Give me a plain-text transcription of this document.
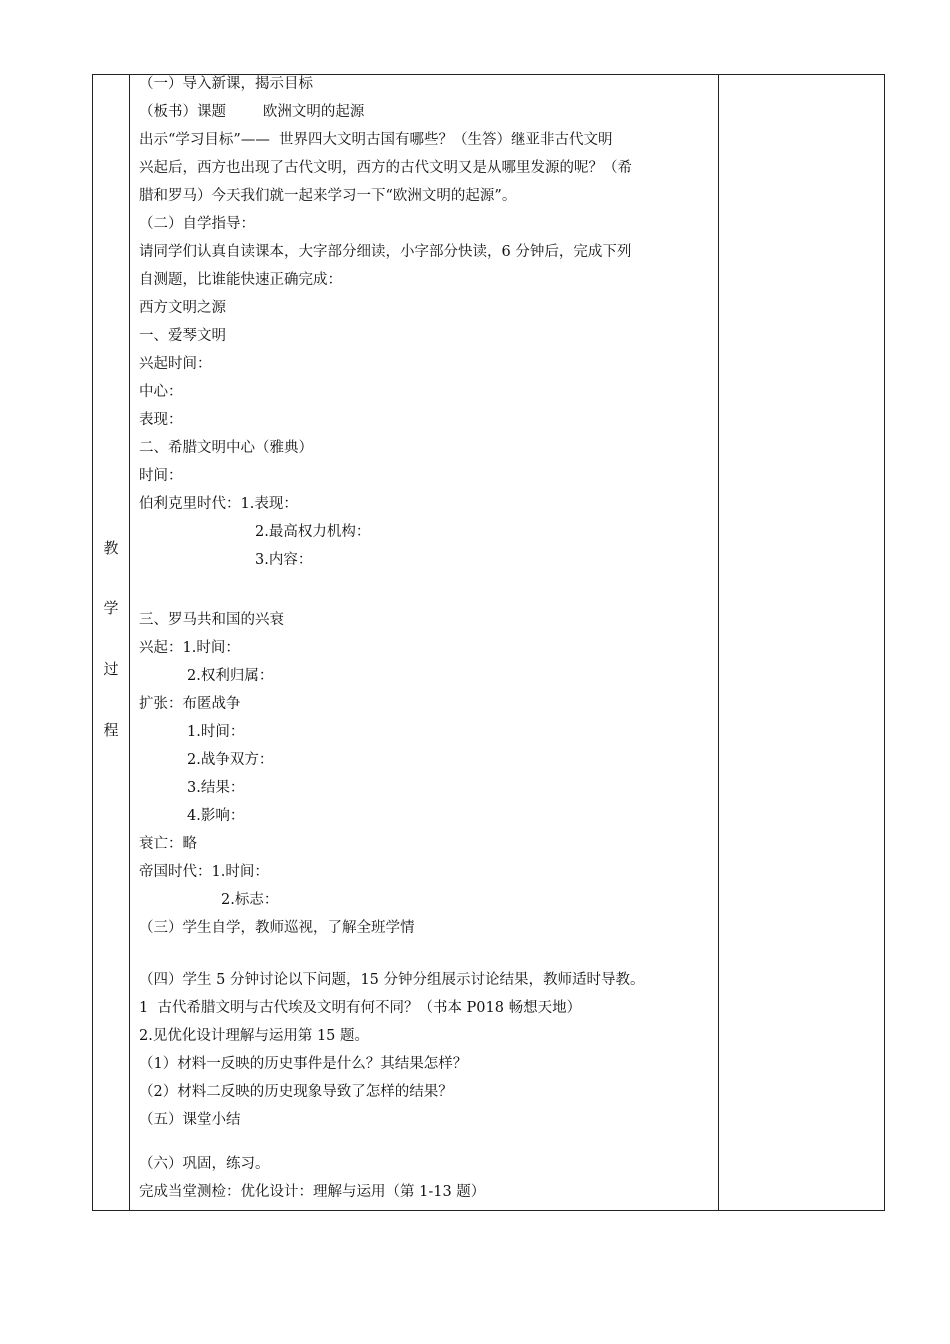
教
学
过
程
（一）导入新课，揭示目标
（板书）课题        欧洲文明的起源
出示“学习目标”——  世界四大文明古国有哪些？（生答）继亚非古代文明
兴起后，西方也出现了古代文明，西方的古代文明又是从哪里发源的呢？（希
腊和罗马）今天我们就一起来学习一下“欧洲文明的起源”。
（二）自学指导：
请同学们认真自读课本，大字部分细读，小字部分快读，6 分钟后，完成下列
自测题，比谁能快速正确完成：
西方文明之源
一、爱琴文明
兴起时间：
中心：
表现：
二、希腊文明中心（雅典）
时间：
伯利克里时代：1.表现：
2.最高权力机构：
3.内容：
三、罗马共和国的兴衰
兴起：1.时间：
2.权利归属：
扩张：布匿战争
1.时间：
2.战争双方：
3.结果：
4.影响：
衰亡：略
帝国时代：1.时间：
2.标志：
（三）学生自学，教师巡视，了解全班学情
（四）学生 5 分钟讨论以下问题，15 分钟分组展示讨论结果，教师适时导教。
1  古代希腊文明与古代埃及文明有何不同？（书本 P018 畅想天地）
2.见优化设计理解与运用第 15 题。
（1）材料一反映的历史事件是什么？其结果怎样？
（2）材料二反映的历史现象导致了怎样的结果？
（五）课堂小结
（六）巩固，练习。
完成当堂测检：优化设计：理解与运用（第 1-13 题）
